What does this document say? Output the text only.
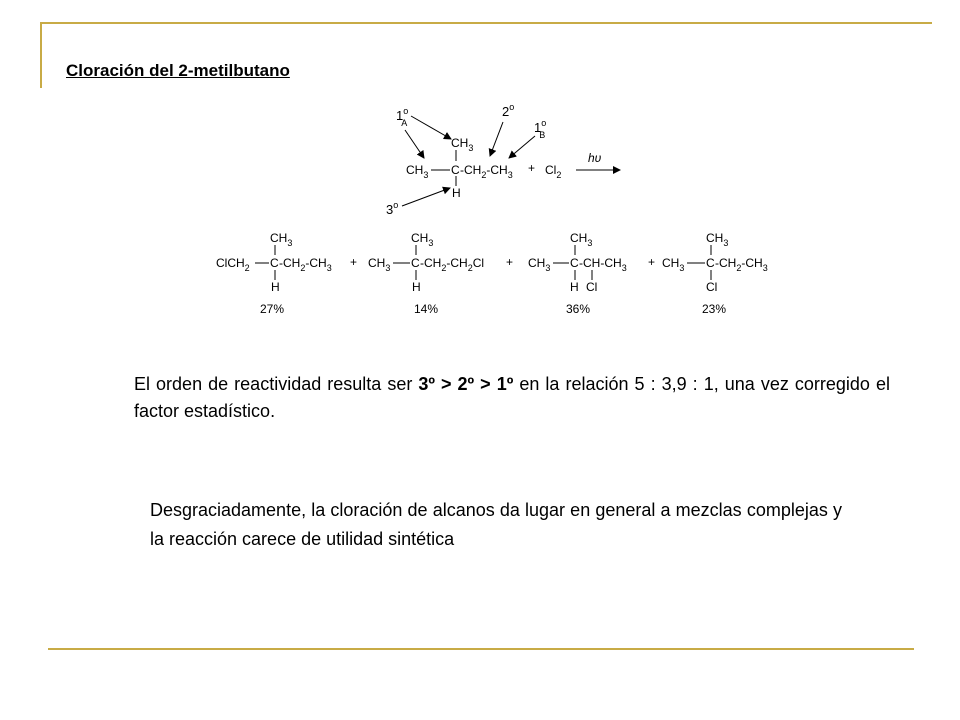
Cloración del 2-metilbutano
1$^o$ A
2$^o$
1$^o$ B
3$^o$
$CH_3$
$CH_3$ C $-CH_2-CH_3$
H
+ $Cl_2$
hυ
$CH_3$
ClCH$_2$ C $-CH_2-CH_3$
H
27%
+
$CH_3$
$CH_3$ C $-CH_2-CH_2Cl$
H
14%
+
$CH_3$
$CH_3$ C $-CH-CH_3$
H Cl
36%
+
$CH_3$
$CH_3$ C $-CH_2-CH_3$
Cl
23%
El orden de reactividad resulta ser 3º > 2º > 1º en la relación 5 : 3,9 : 1, una vez corregido el factor estadístico.
Desgraciadamente, la cloración de alcanos da lugar en general a mezclas complejas y la reacción carece de utilidad sintética
